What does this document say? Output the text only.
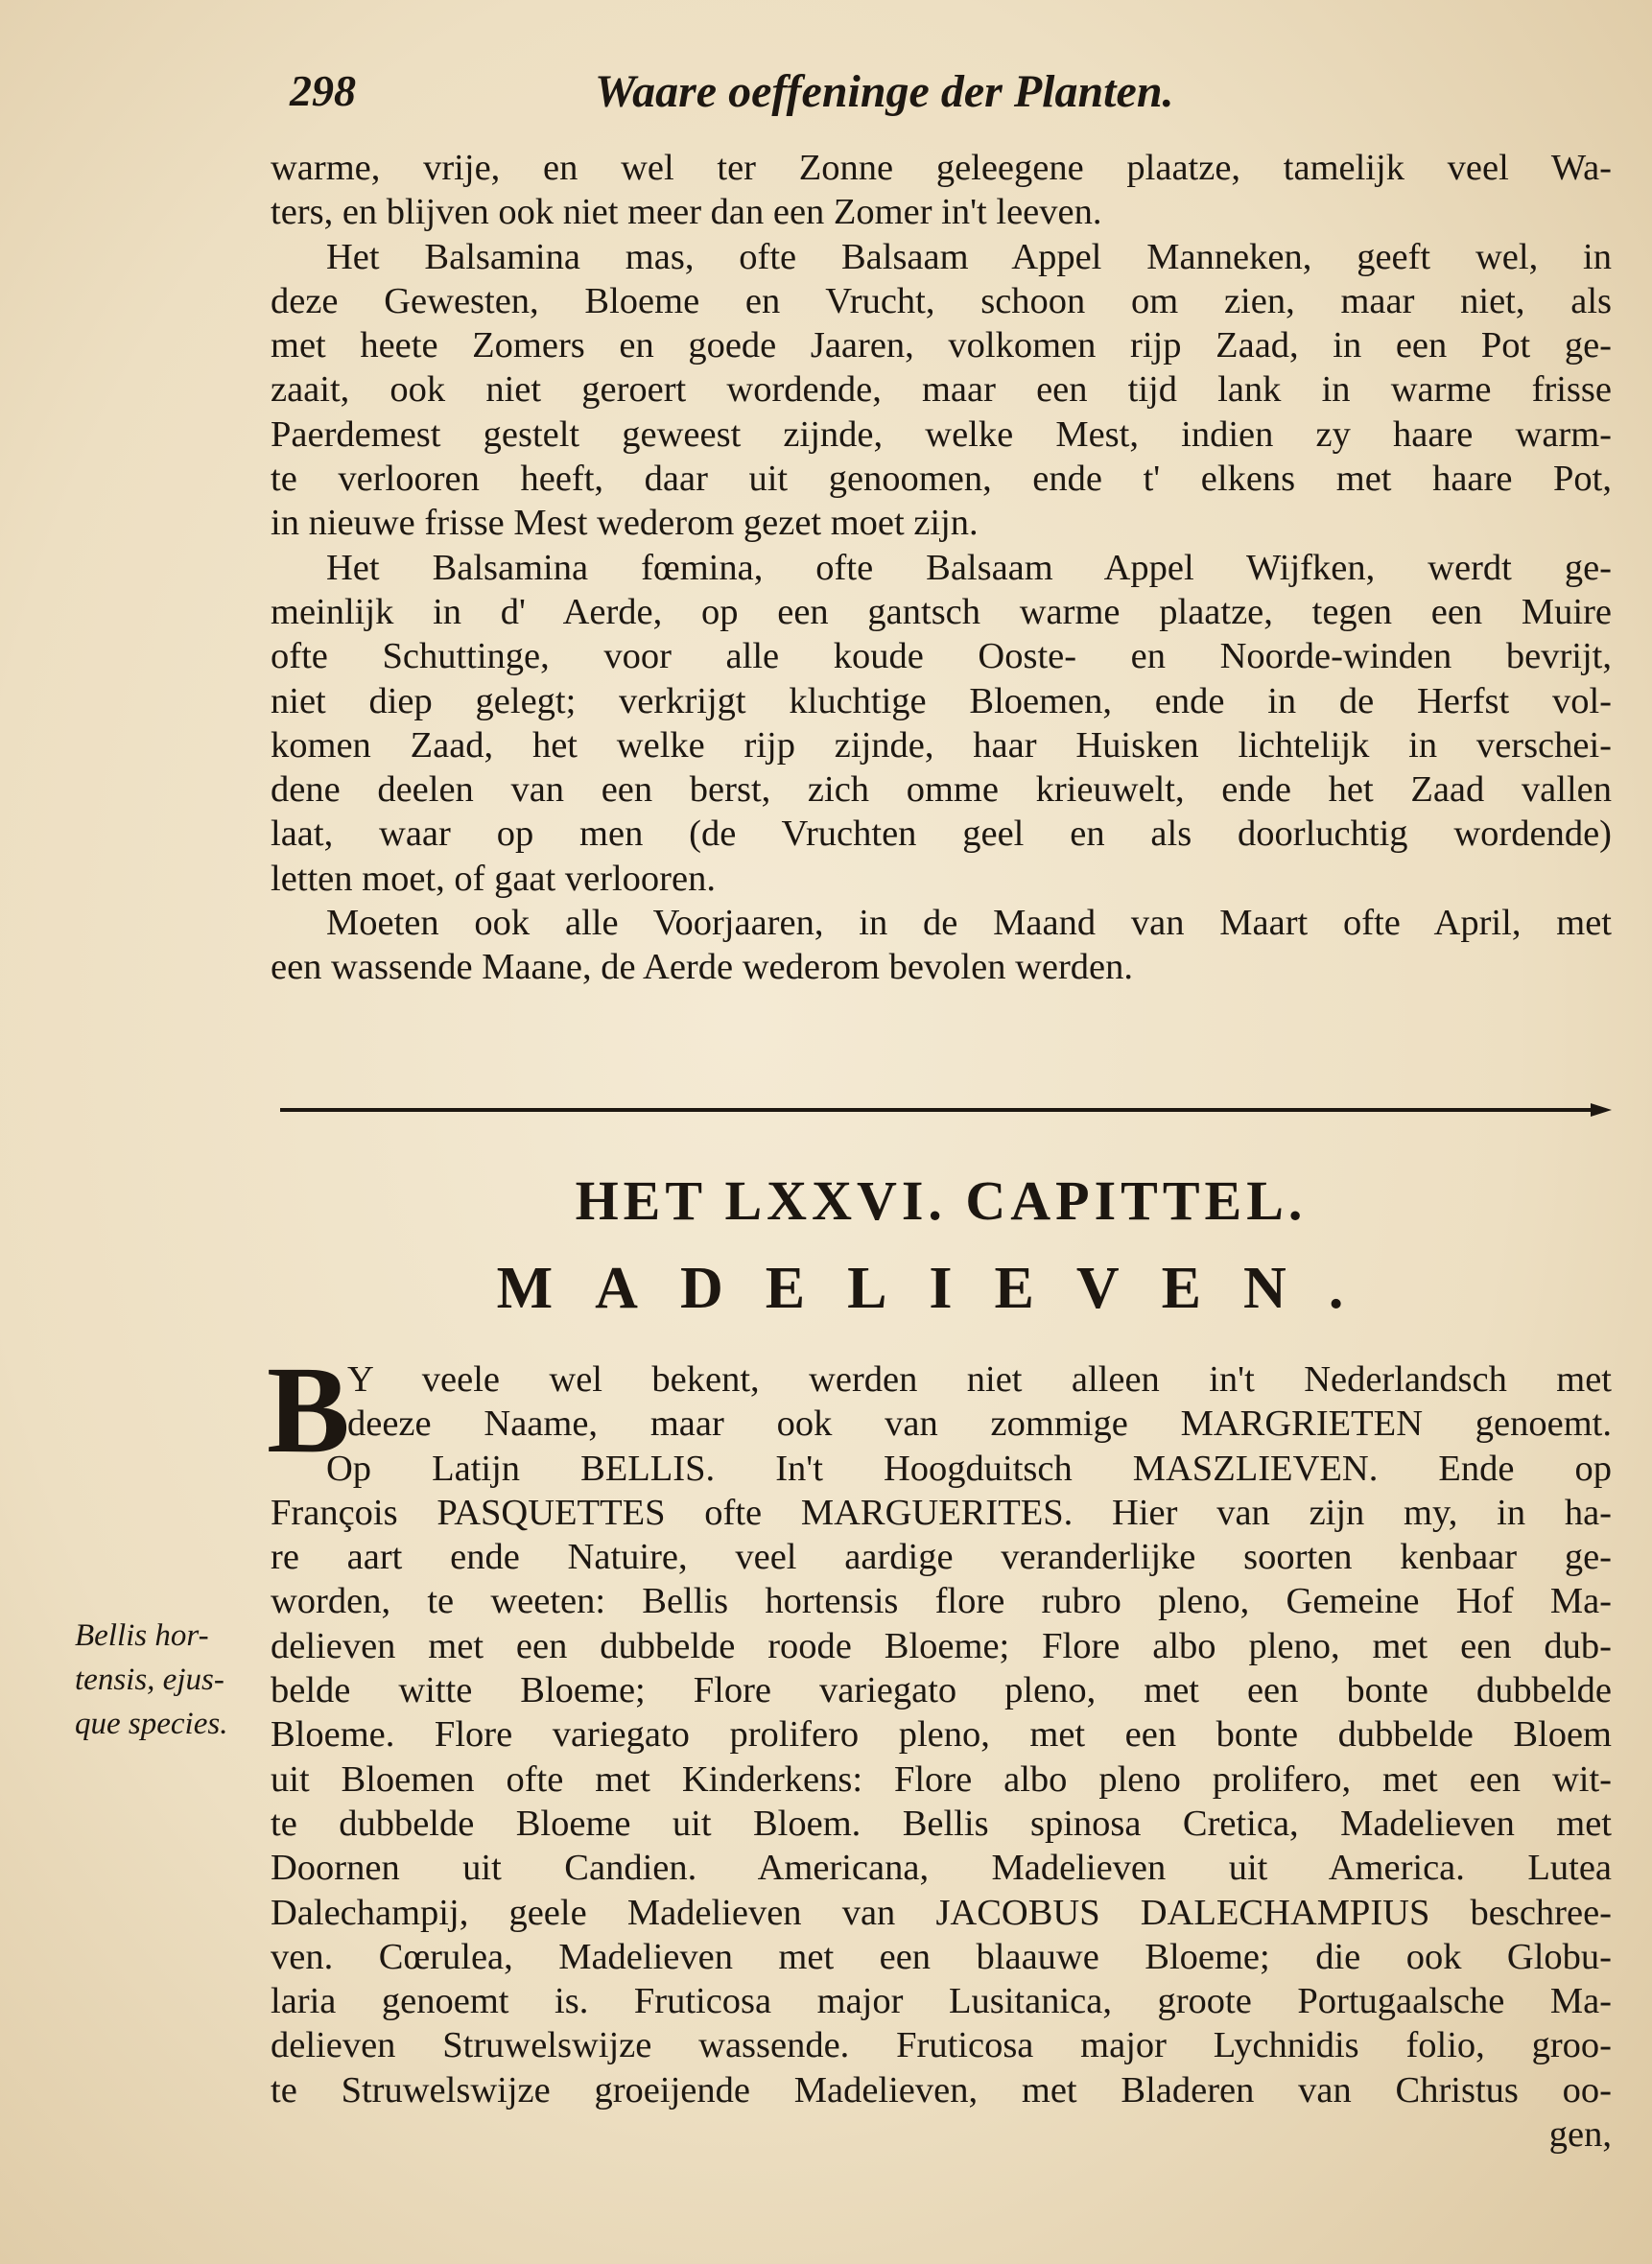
298	Waare oeffeninge der Planten.
warme, vrije, en wel ter Zonne geleegene plaatze, tamelijk veel Wa-
ters, en blijven ook niet meer dan een Zomer in't leeven.
Het Balsamina mas, ofte Balsaam Appel Manneken, geeft wel, in
deze Gewesten, Bloeme en Vrucht, schoon om zien, maar niet, als
met heete Zomers en goede Jaaren, volkomen rijp Zaad, in een Pot ge-
zaait, ook niet geroert wordende, maar een tijd lank in warme frisse
Paerdemest gestelt geweest zijnde, welke Mest, indien zy haare warm-
te verlooren heeft, daar uit genoomen, ende t' elkens met haare Pot,
in nieuwe frisse Mest wederom gezet moet zijn.
Het Balsamina fœmina, ofte Balsaam Appel Wijfken, werdt ge-
meinlijk in d' Aerde, op een gantsch warme plaatze, tegen een Muire
ofte Schuttinge, voor alle koude Ooste- en Noorde-winden bevrijt,
niet diep gelegt; verkrijgt kluchtige Bloemen, ende in de Herfst vol-
komen Zaad, het welke rijp zijnde, haar Huisken lichtelijk in verschei-
dene deelen van een berst, zich omme krieuwelt, ende het Zaad vallen
laat, waar op men (de Vruchten geel en als doorluchtig wordende)
letten moet, of gaat verlooren.
Moeten ook alle Voorjaaren, in de Maand van Maart ofte April, met
een wassende Maane, de Aerde wederom bevolen werden.
HET LXXVI. CAPITTEL.
MADELIEVEN.
B
Y veele wel bekent, werden niet alleen in't Nederlandsch met
deeze Naame, maar ook van zommige MARGRIETEN genoemt.
Op Latijn BELLIS. In't Hoogduitsch MASZLIEVEN. Ende op
François PASQUETTES ofte MARGUERITES. Hier van zijn my, in ha-
re aart ende Natuire, veel aardige veranderlijke soorten kenbaar ge-
worden, te weeten: Bellis hortensis flore rubro pleno, Gemeine Hof Ma-
delieven met een dubbelde roode Bloeme; Flore albo pleno, met een dub-
belde witte Bloeme; Flore variegato pleno, met een bonte dubbelde
Bloeme. Flore variegato prolifero pleno, met een bonte dubbelde Bloem
uit Bloemen ofte met Kinderkens: Flore albo pleno prolifero, met een wit-
te dubbelde Bloeme uit Bloem. Bellis spinosa Cretica, Madelieven met
Doornen uit Candien. Americana, Madelieven uit America. Lutea
Dalechampij, geele Madelieven van JACOBUS DALECHAMPIUS beschree-
ven. Cœrulea, Madelieven met een blaauwe Bloeme; die ook Globu-
laria genoemt is. Fruticosa major Lusitanica, groote Portugaalsche Ma-
delieven Struwelswijze wassende. Fruticosa major Lychnidis folio, groo-
te Struwelswijze groeijende Madelieven, met Bladeren van Christus oo-
gen,
Bellis hor-
tensis, ejus-
que species.
